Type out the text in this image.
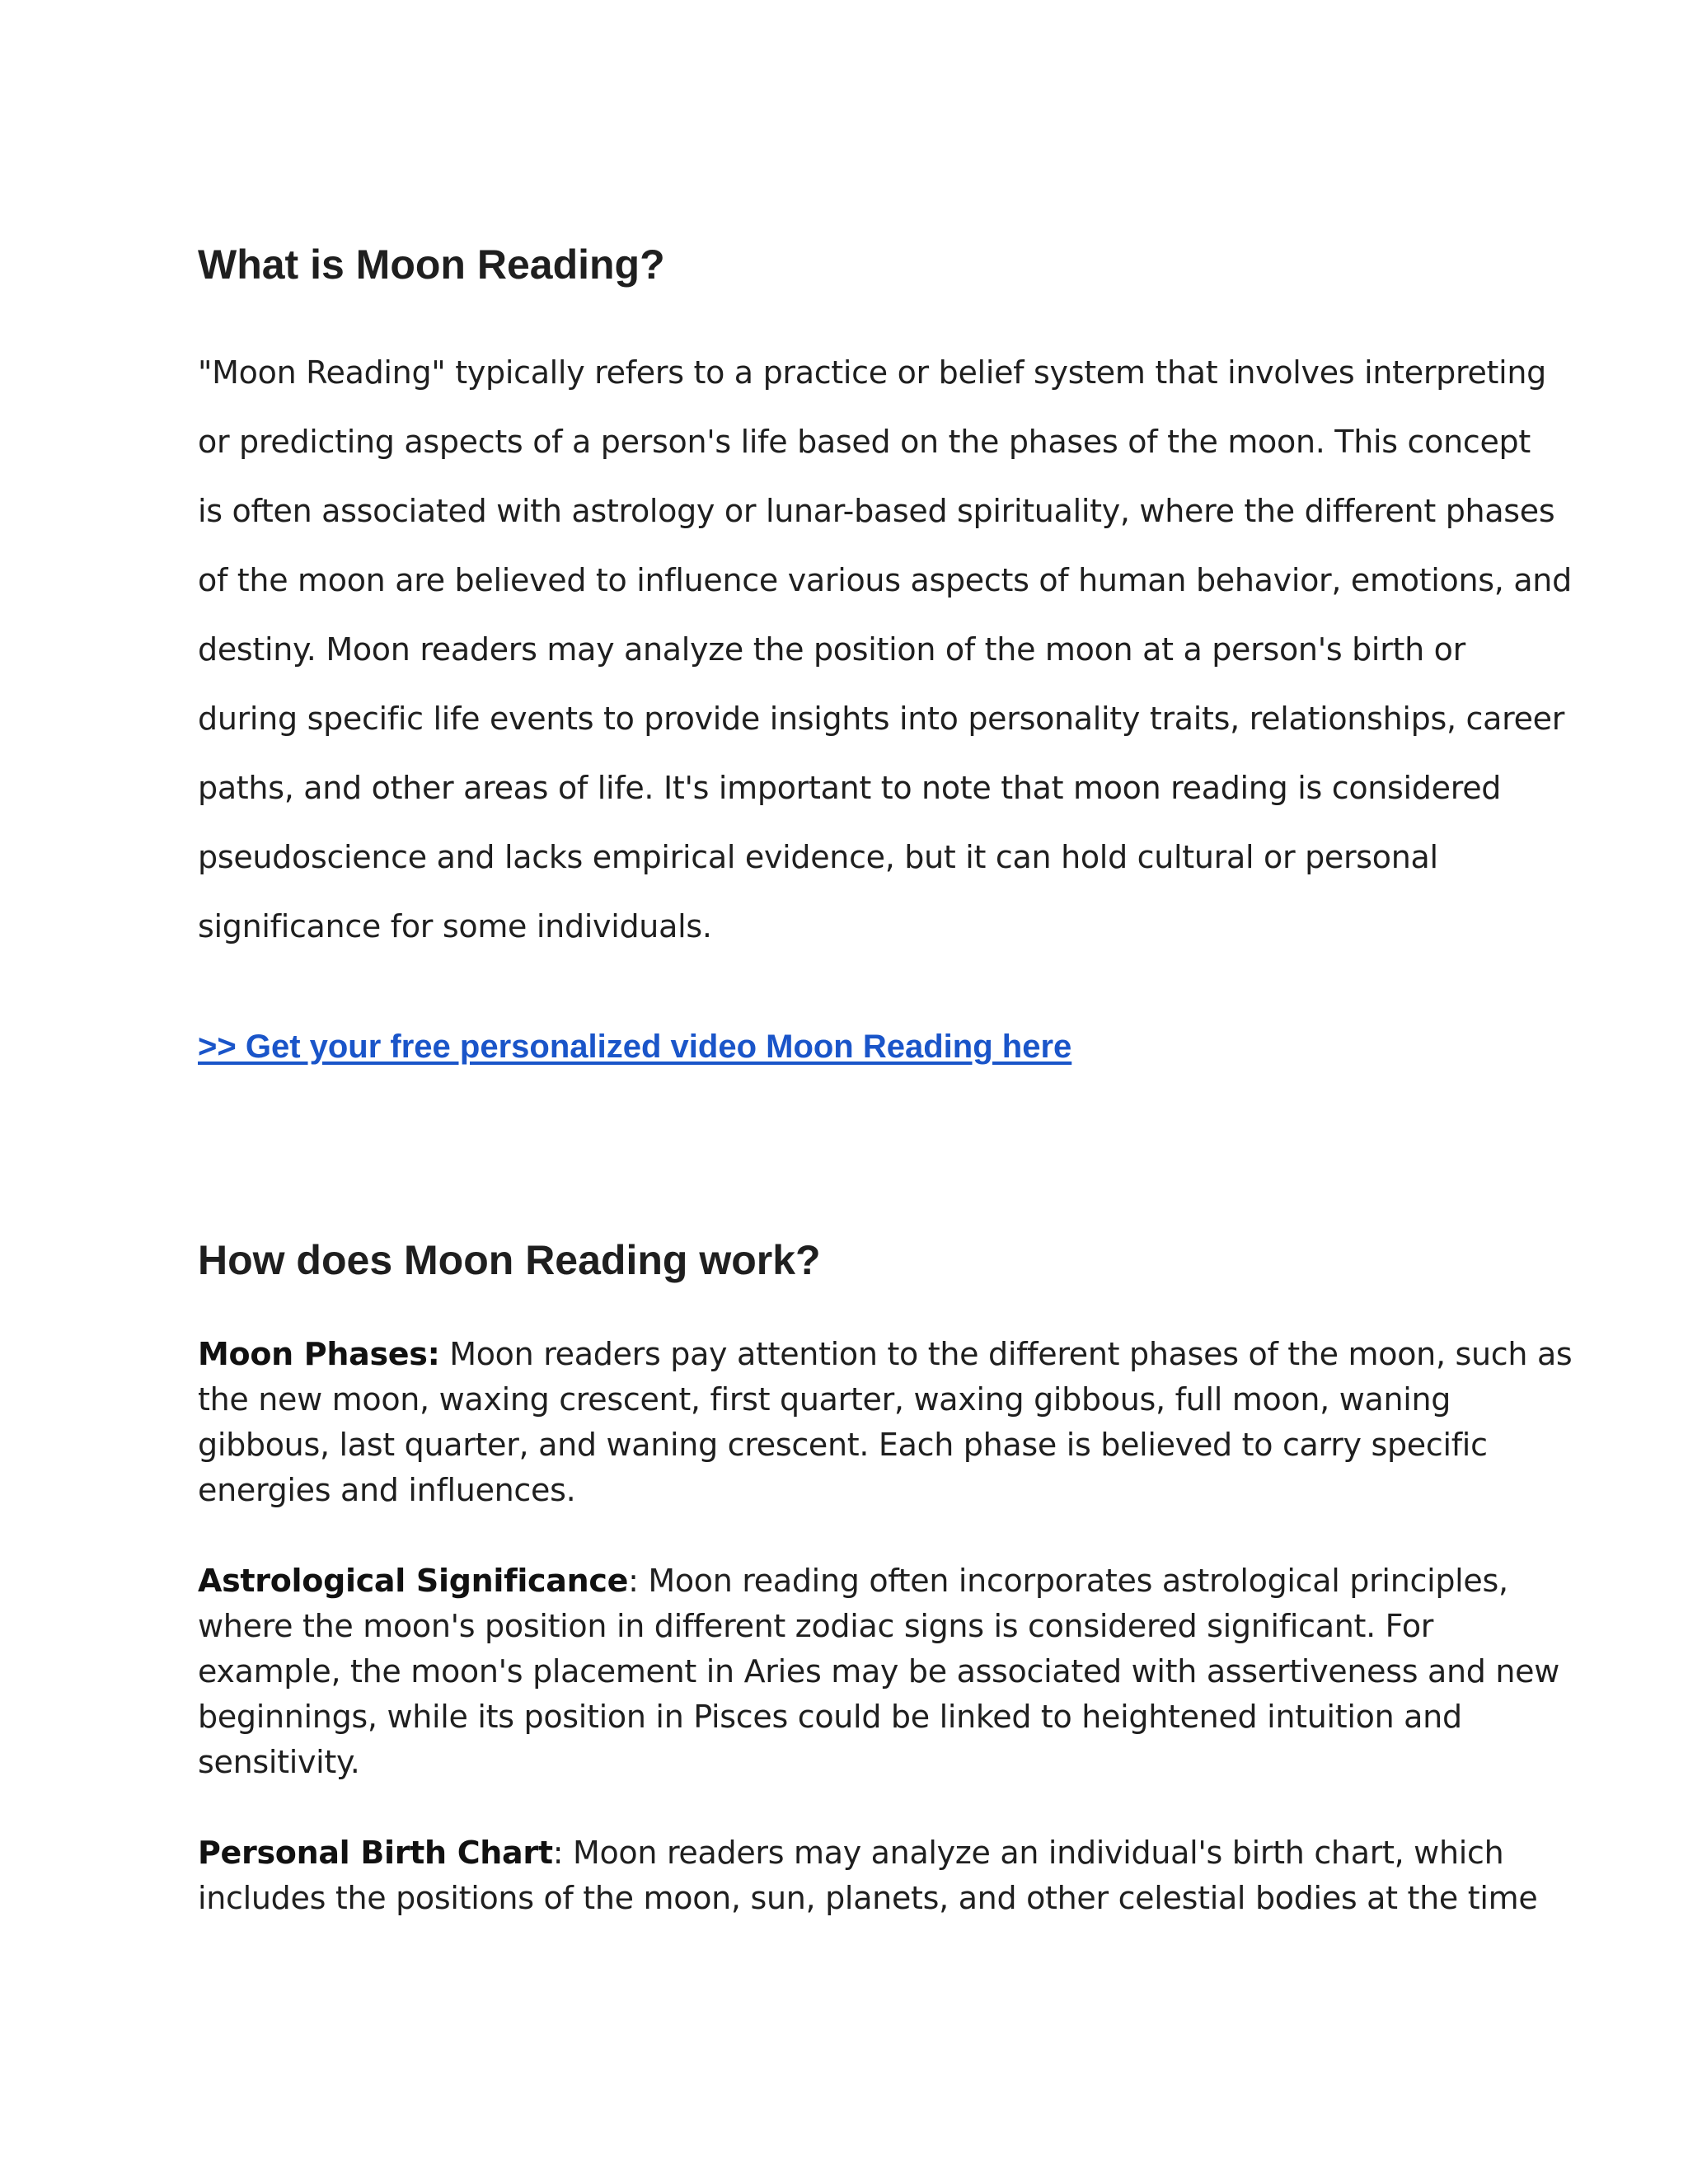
What is Moon Reading?
"Moon Reading" typically refers to a practice or belief system that involves interpreting
or predicting aspects of a person's life based on the phases of the moon. This concept
is often associated with astrology or lunar-based spirituality, where the different phases
of the moon are believed to influence various aspects of human behavior, emotions, and
destiny. Moon readers may analyze the position of the moon at a person's birth or
during specific life events to provide insights into personality traits, relationships, career
paths, and other areas of life. It's important to note that moon reading is considered
pseudoscience and lacks empirical evidence, but it can hold cultural or personal
significance for some individuals.
>> Get your free personalized video Moon Reading here
How does Moon Reading work?
Moon Phases: Moon readers pay attention to the different phases of the moon, such as
the new moon, waxing crescent, first quarter, waxing gibbous, full moon, waning
gibbous, last quarter, and waning crescent. Each phase is believed to carry specific
energies and influences.
Astrological Significance: Moon reading often incorporates astrological principles,
where the moon's position in different zodiac signs is considered significant. For
example, the moon's placement in Aries may be associated with assertiveness and new
beginnings, while its position in Pisces could be linked to heightened intuition and
sensitivity.
Personal Birth Chart: Moon readers may analyze an individual's birth chart, which
includes the positions of the moon, sun, planets, and other celestial bodies at the time
